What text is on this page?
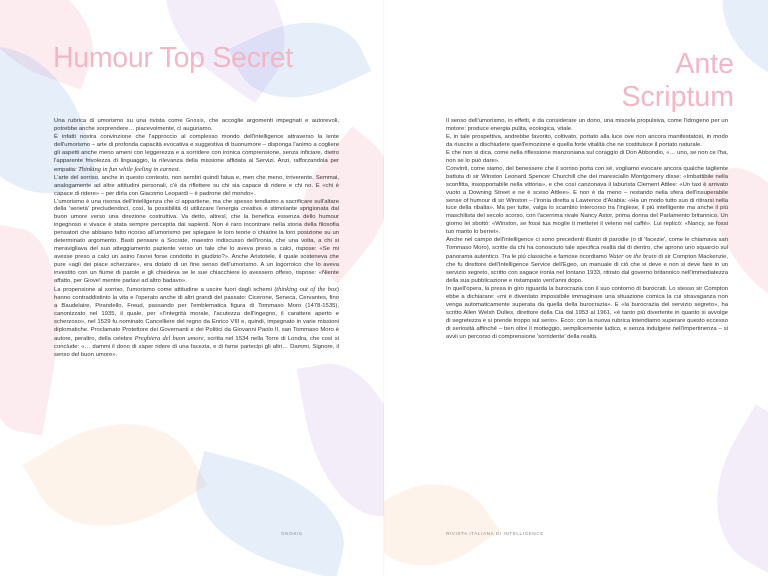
Humour Top Secret

Una rubrica di umorismo su una rivista come Gnosis, che accoglie argomenti impegnati e autorevoli, potrebbe anche sorprendere… piacevolmente, ci auguriamo.

È infatti nostra convinzione che l'approccio al complesso mondo dell'intelligence attraverso la lente dell'umorismo – arte di profonda capacità evocativa e suggestiva di buonumore – disponga l'animo a cogliere gli aspetti anche meno ameni con leggerezza e a sorridere con ironica comprensione, senza inficiare, dietro l'apparente frivolezza di linguaggio, la rilevanza della missione affidata ai Servizi. Anzi, rafforzandola per empatia: Thinking in fun while feeling in earnest.

L'arte del sorriso, anche in questo contesto, non sembri quindi fatua e, men che meno, irriverente. Semmai, analogamente ad altre attitudini personali, c'è da riflettere su chi sia capace di ridere e chi no. E «chi è capace di ridere» – per dirla con Giacomo Leopardi – è padrone del mondo».

L'umorismo è una risorsa dell'intelligenza che ci appartiene, ma che spesso tendiamo a sacrificare sull'altare della 'serietà' precludendoci, così, la possibilità di utilizzare l'energia creativa e stimolante sprigionata dal buon umore verso una direzione costruttiva. Va detto, altresì, che la benefica essenza dello humour ingegnoso e vivace è stata sempre percepita dai sapienti. Non è raro incontrare nella storia della filosofia pensatori che abbiano fatto ricorso all'umorismo per spiegare le loro teorie o chiarire la loro posizione su un determinato argomento. Basti pensare a Socrate, maestro indiscusso dell'ironia, che una volta, a chi si meravigliava del suo atteggiamento paziente verso un tale che lo aveva preso a calci, rispose: «Se mi avesse preso a calci un asino l'avrei forse condotto in giudizio?». Anche Aristotele, il quale sosteneva che pure «agli dei piace scherzare», era dotato di un fine senso dell'umorismo. A un logorroico che lo aveva investito con un fiume di parole e gli chiedeva se le sue chiacchiere lo avessero offeso, rispose: «Niente affatto, per Giove! mentre parlavi ad altro badavo».

La propensione al sorriso, l'umorismo come attitudine a uscire fuori dagli schemi (thinking out of the box) hanno contraddistinto la vita e l'operato anche di altri grandi del passato: Cicerone, Seneca, Cervantes, fino a Baudelaire, Pirandello, Freud, passando per l'emblematica figura di Tommaso Moro (1478-1535), canonizzato nel 1935, il quale, per «l'integrità morale, l'acutezza dell'ingegno, il carattere aperto e scherzoso», nel 1529 fu nominato Cancelliere del regno da Enrico VIII e, quindi, impegnato in varie missioni diplomatiche. Proclamato Protettore dei Governanti e dei Politici da Giovanni Paolo II, san Tommaso Moro è autore, peraltro, della celebre Preghiera del buon umore, scritta nel 1534 nella Torre di Londra, che così si conclude: «… dammi il dono di saper ridere di una facezia, e di farne partecipi gli altri… Dammi, Signore, il senso del buon umore».

GNOSIS
Ante
Scriptum

Il senso dell'umorismo, in effetti, è da considerare un dono, una miscela propulsiva, come l'idrogeno per un motore: produce energia pulita, ecologica, vitale.

E, in tale prospettiva, andrebbe favorito, coltivato, portato alla luce ove non ancora manifestatosi, in modo da riuscire a dischiudere quell'emozione e quella forte vitalità che ne costituisce il portato naturale.

E che non si dica, come nella riflessione manzoniana sul coraggio di Don Abbondio, «… uno, se non ce l'ha, non se lo può dare».

Convinti, come siamo, del benessere che il sorriso porta con sé, vogliamo evocare ancora qualche tagliente battuta di sir Winston Leonard Spencer Churchill che del maresciallo Montgomery disse: «Imbattibile nella sconfitta, insopportabile nella vittoria», e che così canzonava il laburista Clement Attlee: «Un taxi è arrivato vuoto a Downing Street e ne è sceso Attlee». E non è da meno – restando nella sfera dell'insuperabile sense of humour di sir Winston – l'ironia diretta a Lawrence d'Arabia: «Ha un modo tutto suo di ritirarsi nella luce della ribalta». Ma per tutte, valga lo scambio intercorso tra l'inglese, il più intelligente ma anche il più maschilista del secolo scorso, con l'acerrima rivale Nancy Astor, prima donna del Parlamento britannico. Un giorno lei sbottò: «Winston, se fossi tua moglie ti metterei il veleno nel caffè». Lui replicò: «Nancy, se fossi tuo marito lo berrei».

Anche nel campo dell'intelligence ci sono precedenti illustri di parodie (o di 'facezie', come le chiamava san Tommaso Moro), scritte da chi ha conosciuto tale specifica realtà dal di dentro, che aprono uno squarcio sul panorama autentico. Tra le più classiche e famose ricordiamo Water on the brain di sir Compton Mackenzie, che fu direttore dell'Intelligence Service dell'Egeo, un manuale di ciò che si deve e non si deve fare in un servizio segreto, scritto con sagace ironia nel lontano 1933, ritirato dal governo britannico nell'immediatezza della sua pubblicazione e ristampato vent'anni dopo.

In quell'opera, la presa in giro riguarda la burocrazia con il suo contorno di burocrati. Lo stesso sir Compton ebbe a dichiarare: «mi è diventato impossibile immaginare una situazione comica la cui stravaganza non venga automaticamente superata da quella della burocrazia». E «la burocrazia del servizio segreto», ha scritto Allen Welsh Dulles, direttore della Cia dal 1953 al 1961, «è tanto più divertente in quanto si avvolge di segretezza e si prende troppo sul serio». Ecco: con la nuova rubrica intendiamo superare questo eccesso di seriosità affinché – ben oltre il motteggio, semplicemente ludico, e senza indulgere nell'impertinenza – si avvii un percorso di comprensione 'sorridente' della realtà.

RIVISTA ITALIANA DI INTELLIGENCE
